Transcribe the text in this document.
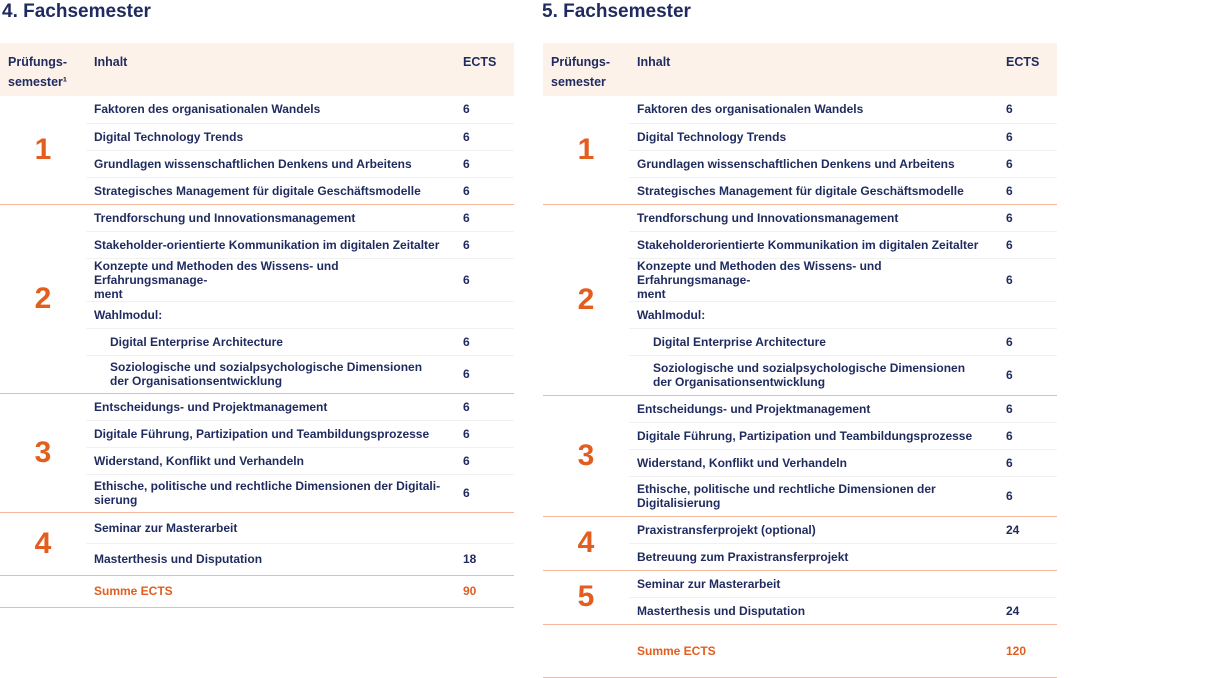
4. Fachsemester	5. Fachsemester
Prüfungs-
semester¹	Inhalt	ECTS
1	Faktoren des organisationalen Wandels	6
	Digital Technology Trends	6
	Grundlagen wissenschaftlichen Denkens und Arbeitens	6
	Strategisches Management für digitale Geschäftsmodelle	6
2	Trendforschung und Innovationsmanagement	6
	Stakeholder-orientierte Kommunikation im digitalen Zeitalter	6
	Konzepte und Methoden des Wissens- und Erfahrungsmanage-
ment	6
	Wahlmodul:	
	Digital Enterprise Architecture	6
	Soziologische und sozialpsychologische Dimensionen
der Organisationsentwicklung	6
3	Entscheidungs- und Projektmanagement	6
	Digitale Führung, Partizipation und Teambildungsprozesse	6
	Widerstand, Konflikt und Verhandeln	6
	Ethische, politische und rechtliche Dimensionen der Digitali-
sierung	6
4	Seminar zur Masterarbeit	
	Masterthesis und Disputation	18
	Summe ECTS	90
Prüfungs-
semester	Inhalt	ECTS
1	Faktoren des organisationalen Wandels	6
	Digital Technology Trends	6
	Grundlagen wissenschaftlichen Denkens und Arbeitens	6
	Strategisches Management für digitale Geschäftsmodelle	6
2	Trendforschung und Innovationsmanagement	6
	Stakeholderorientierte Kommunikation im digitalen Zeitalter	6
	Konzepte und Methoden des Wissens- und Erfahrungsmanage-
ment	6
	Wahlmodul:	
	Digital Enterprise Architecture	6
	Soziologische und sozialpsychologische Dimensionen
der Organisationsentwicklung	6
3	Entscheidungs- und Projektmanagement	6
	Digitale Führung, Partizipation und Teambildungsprozesse	6
	Widerstand, Konflikt und Verhandeln	6
	Ethische, politische und rechtliche Dimensionen der
Digitalisierung	6
4	Praxistransferprojekt (optional)	24
	Betreuung zum Praxistransferprojekt	
5	Seminar zur Masterarbeit	
	Masterthesis und Disputation	24
	Summe ECTS	120
